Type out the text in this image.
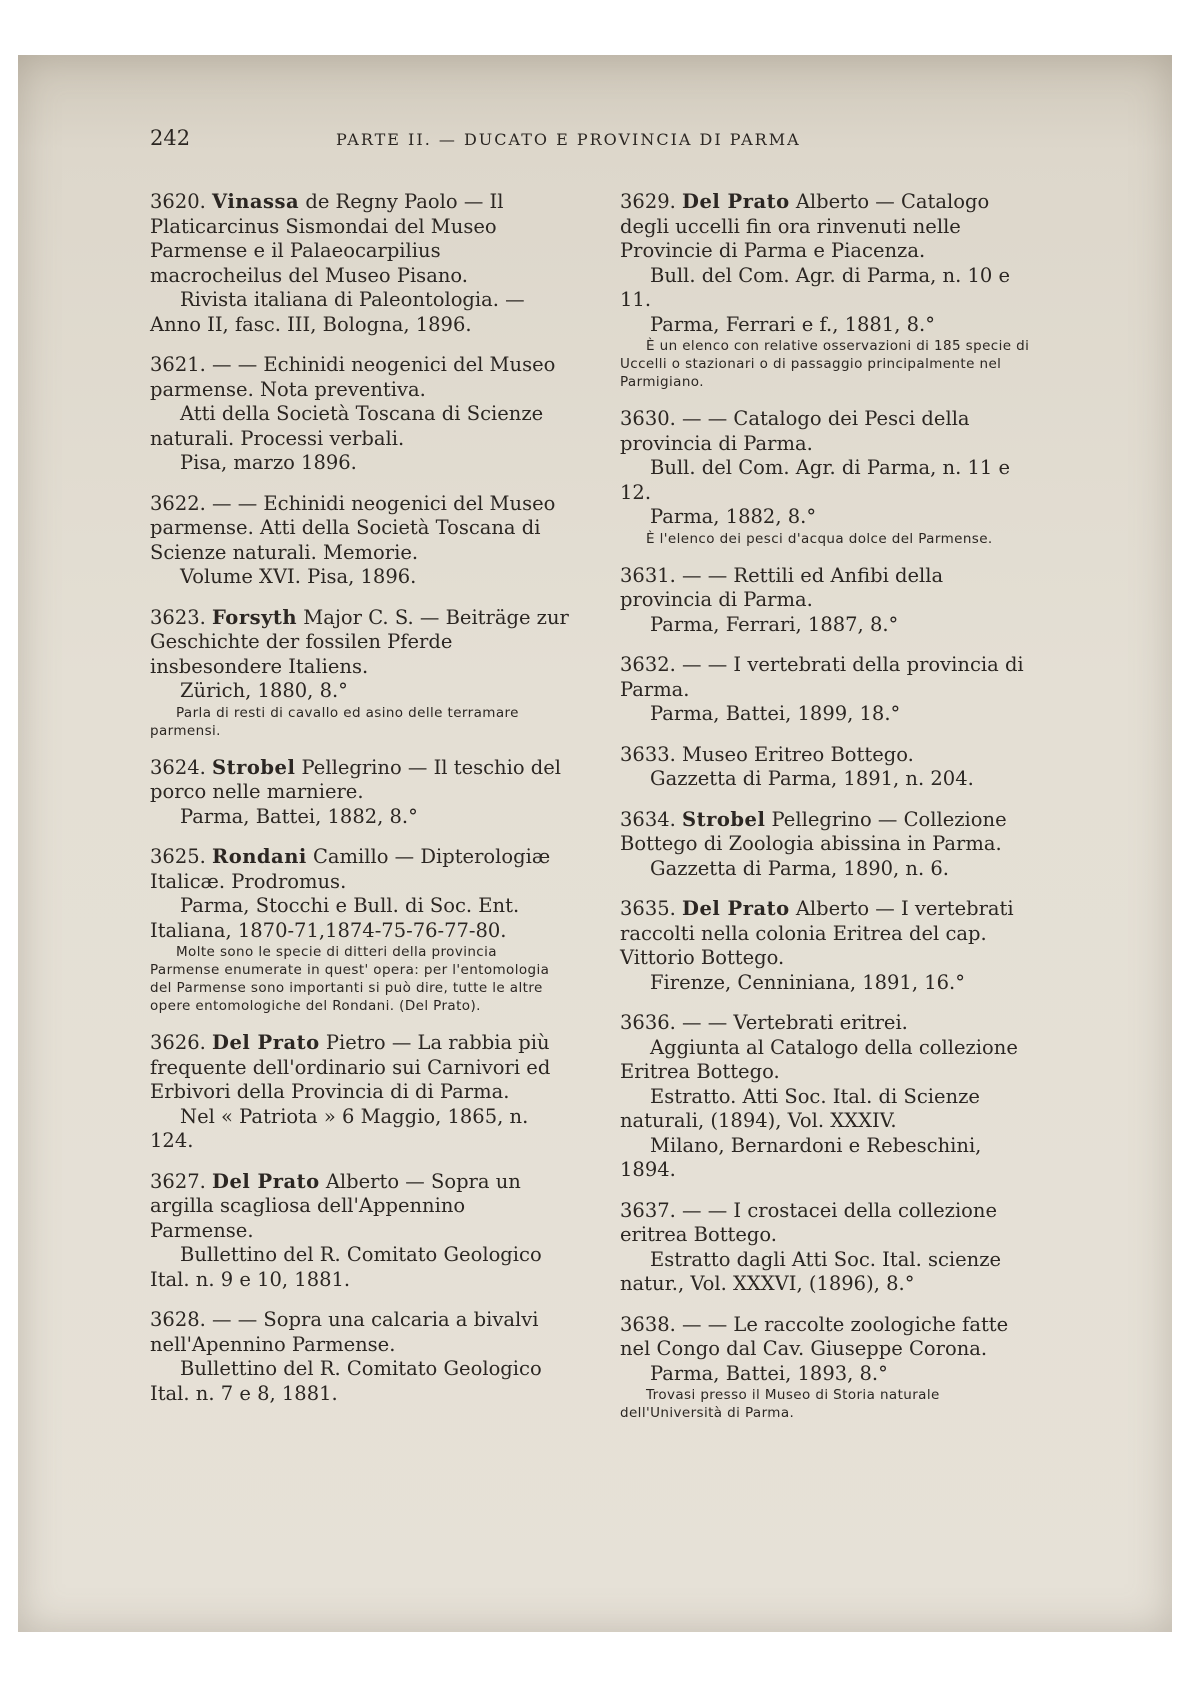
242	PARTE II. — DUCATO E PROVINCIA DI PARMA

3620. Vinassa de Regny Paolo — Il Platicarcinus Sismondai del Museo Parmense e il Palaeocarpilius macrocheilus del Museo Pisano.

Rivista italiana di Paleontologia. — Anno II, fasc. III, Bologna, 1896.

3621. — — Echinidi neogenici del Museo parmense. Nota preventiva.

Atti della Società Toscana di Scienze naturali. Processi verbali.

Pisa, marzo 1896.

3622. — — Echinidi neogenici del Museo parmense. Atti della Società Toscana di Scienze naturali. Memorie.

Volume XVI. Pisa, 1896.

3623. Forsyth Major C. S. — Beiträge zur Geschichte der fossilen Pferde insbesondere Italiens.

Zürich, 1880, 8.°

Parla di resti di cavallo ed asino delle terramare parmensi.

3624. Strobel Pellegrino — Il teschio del porco nelle marniere.

Parma, Battei, 1882, 8.°

3625. Rondani Camillo — Dipterologiæ Italicæ. Prodromus.

Parma, Stocchi e Bull. di Soc. Ent. Italiana, 1870-71,1874-75-76-77-80.

Molte sono le specie di ditteri della provincia Parmense enumerate in quest' opera: per l'entomologia del Parmense sono importanti si può dire, tutte le altre opere entomologiche del Rondani. (Del Prato).

3626. Del Prato Pietro — La rabbia più frequente dell'ordinario sui Carnivori ed Erbivori della Provincia di di Parma.

Nel « Patriota » 6 Maggio, 1865, n. 124.

3627. Del Prato Alberto — Sopra un argilla scagliosa dell'Appennino Parmense.

Bullettino del R. Comitato Geologico Ital. n. 9 e 10, 1881.

3628. — — Sopra una calcaria a bivalvi nell'Apennino Parmense.

Bullettino del R. Comitato Geologico Ital. n. 7 e 8, 1881.

3629. Del Prato Alberto — Catalogo degli uccelli fin ora rinvenuti nelle Provincie di Parma e Piacenza.

Bull. del Com. Agr. di Parma, n. 10 e 11.

Parma, Ferrari e f., 1881, 8.°

È un elenco con relative osservazioni di 185 specie di Uccelli o stazionari o di passaggio principalmente nel Parmigiano.

3630. — — Catalogo dei Pesci della provincia di Parma.

Bull. del Com. Agr. di Parma, n. 11 e 12.

Parma, 1882, 8.°

È l'elenco dei pesci d'acqua dolce del Parmense.

3631. — — Rettili ed Anfibi della provincia di Parma.

Parma, Ferrari, 1887, 8.°

3632. — — I vertebrati della provincia di Parma.

Parma, Battei, 1899, 18.°

3633. Museo Eritreo Bottego.

Gazzetta di Parma, 1891, n. 204.

3634. Strobel Pellegrino — Collezione Bottego di Zoologia abissina in Parma.

Gazzetta di Parma, 1890, n. 6.

3635. Del Prato Alberto — I vertebrati raccolti nella colonia Eritrea del cap. Vittorio Bottego.

Firenze, Cenniniana, 1891, 16.°

3636. — — Vertebrati eritrei.

Aggiunta al Catalogo della collezione Eritrea Bottego.

Estratto. Atti Soc. Ital. di Scienze naturali, (1894), Vol. XXXIV.

Milano, Bernardoni e Rebeschini, 1894.

3637. — — I crostacei della collezione eritrea Bottego.

Estratto dagli Atti Soc. Ital. scienze natur., Vol. XXXVI, (1896), 8.°

3638. — — Le raccolte zoologiche fatte nel Congo dal Cav. Giuseppe Corona.

Parma, Battei, 1893, 8.°

Trovasi presso il Museo di Storia naturale dell'Università di Parma.
